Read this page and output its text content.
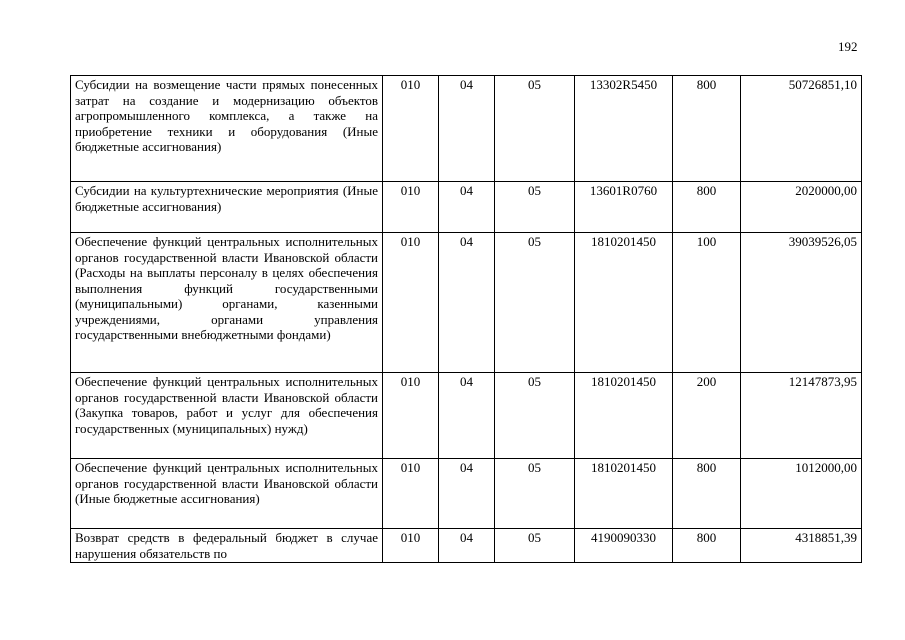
192
Субсидии на возмещение части прямых понесенных затрат на создание и модернизацию объектов агропромышленного комплекса, а также на приобретение техники и оборудования (Иные бюджетные ассигнования)	010	04	05	13302R5450	800	50726851,10
Субсидии на культуртехнические мероприятия (Иные бюджетные ассигнования)	010	04	05	13601R0760	800	2020000,00
Обеспечение функций центральных исполнительных органов государственной власти Ивановской области (Расходы на выплаты персоналу в целях обеспечения выполнения функций государственными (муниципальными) органами, казенными учреждениями, органами управления государственными внебюджетными фондами)	010	04	05	1810201450	100	39039526,05
Обеспечение функций центральных исполнительных органов государственной власти Ивановской области (Закупка товаров, работ и услуг для обеспечения государственных (муниципальных) нужд)	010	04	05	1810201450	200	12147873,95
Обеспечение функций центральных исполнительных органов государственной власти Ивановской области (Иные бюджетные ассигнования)	010	04	05	1810201450	800	1012000,00
Возврат средств в федеральный бюджет в случае нарушения обязательств по	010	04	05	4190090330	800	4318851,39
